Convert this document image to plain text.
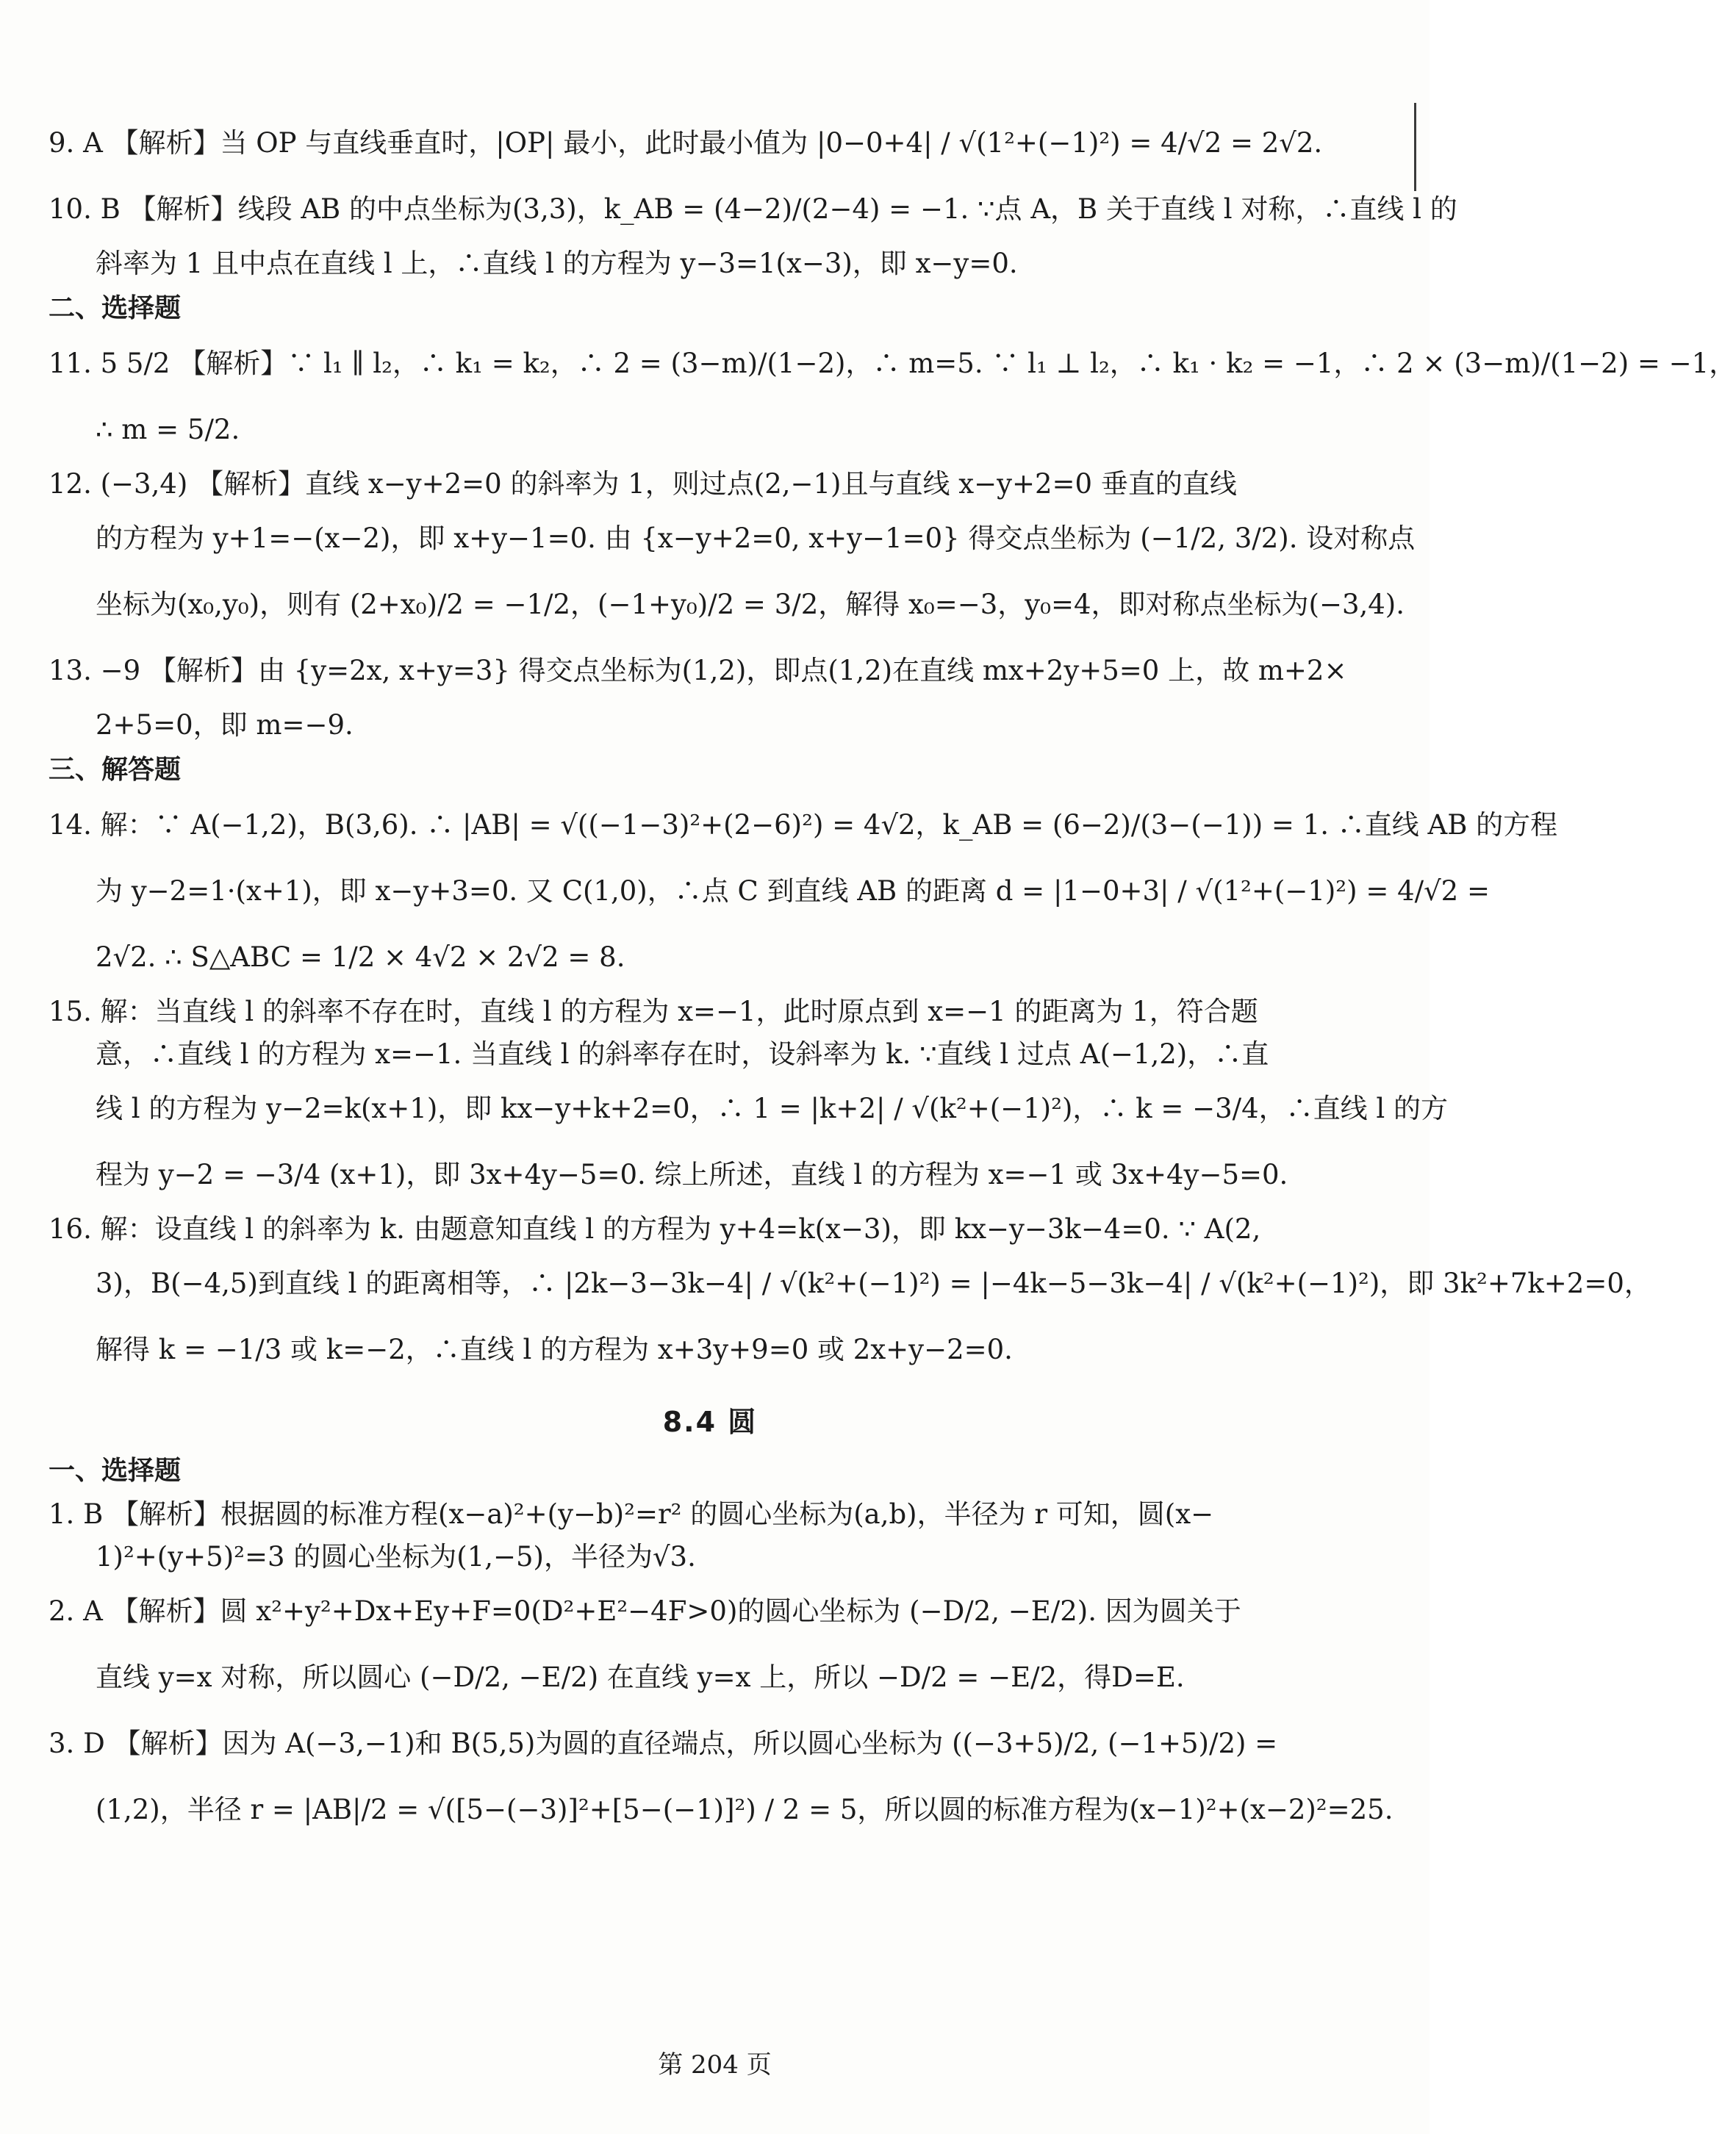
9. A 【解析】当 OP 与直线垂直时，|OP| 最小，此时最小值为 |0−0+4| / √(1²+(−1)²) = 4/√2 = 2√2.

10. B 【解析】线段 AB 的中点坐标为(3,3)，k_AB = (4−2)/(2−4) = −1. ∵点 A，B 关于直线 l 对称，∴直线 l 的

斜率为 1 且中点在直线 l 上，∴直线 l 的方程为 y−3=1(x−3)，即 x−y=0.

二、选择题

11. 5 5/2 【解析】∵ l₁ ∥ l₂，∴ k₁ = k₂，∴ 2 = (3−m)/(1−2)，∴ m=5. ∵ l₁ ⊥ l₂，∴ k₁ · k₂ = −1，∴ 2 × (3−m)/(1−2) = −1，

∴ m = 5/2.

12. (−3,4) 【解析】直线 x−y+2=0 的斜率为 1，则过点(2,−1)且与直线 x−y+2=0 垂直的直线

的方程为 y+1=−(x−2)，即 x+y−1=0. 由 {x−y+2=0, x+y−1=0} 得交点坐标为 (−1/2, 3/2). 设对称点

坐标为(x₀,y₀)，则有 (2+x₀)/2 = −1/2，(−1+y₀)/2 = 3/2，解得 x₀=−3，y₀=4，即对称点坐标为(−3,4).

13. −9 【解析】由 {y=2x, x+y=3} 得交点坐标为(1,2)，即点(1,2)在直线 mx+2y+5=0 上，故 m+2×

2+5=0，即 m=−9.

三、解答题

14. 解：∵ A(−1,2)，B(3,6). ∴ |AB| = √((−1−3)²+(2−6)²) = 4√2，k_AB = (6−2)/(3−(−1)) = 1. ∴直线 AB 的方程

为 y−2=1·(x+1)，即 x−y+3=0. 又 C(1,0)，∴点 C 到直线 AB 的距离 d = |1−0+3| / √(1²+(−1)²) = 4/√2 =

2√2. ∴ S△ABC = 1/2 × 4√2 × 2√2 = 8.

15. 解：当直线 l 的斜率不存在时，直线 l 的方程为 x=−1，此时原点到 x=−1 的距离为 1，符合题

意，∴直线 l 的方程为 x=−1. 当直线 l 的斜率存在时，设斜率为 k. ∵直线 l 过点 A(−1,2)，∴直

线 l 的方程为 y−2=k(x+1)，即 kx−y+k+2=0，∴ 1 = |k+2| / √(k²+(−1)²)，∴ k = −3/4，∴直线 l 的方

程为 y−2 = −3/4 (x+1)，即 3x+4y−5=0. 综上所述，直线 l 的方程为 x=−1 或 3x+4y−5=0.

16. 解：设直线 l 的斜率为 k. 由题意知直线 l 的方程为 y+4=k(x−3)，即 kx−y−3k−4=0. ∵ A(2,

3)，B(−4,5)到直线 l 的距离相等，∴ |2k−3−3k−4| / √(k²+(−1)²) = |−4k−5−3k−4| / √(k²+(−1)²)，即 3k²+7k+2=0，

解得 k = −1/3 或 k=−2，∴直线 l 的方程为 x+3y+9=0 或 2x+y−2=0.

8.4 圆
一、选择题

1. B 【解析】根据圆的标准方程(x−a)²+(y−b)²=r² 的圆心坐标为(a,b)，半径为 r 可知，圆(x−

1)²+(y+5)²=3 的圆心坐标为(1,−5)，半径为√3.

2. A 【解析】圆 x²+y²+Dx+Ey+F=0(D²+E²−4F>0)的圆心坐标为 (−D/2, −E/2). 因为圆关于

直线 y=x 对称，所以圆心 (−D/2, −E/2) 在直线 y=x 上，所以 −D/2 = −E/2，得D=E.

3. D 【解析】因为 A(−3,−1)和 B(5,5)为圆的直径端点，所以圆心坐标为 ((−3+5)/2, (−1+5)/2) =

(1,2)，半径 r = |AB|/2 = √([5−(−3)]²+[5−(−1)]²) / 2 = 5，所以圆的标准方程为(x−1)²+(x−2)²=25.

第 204 页
